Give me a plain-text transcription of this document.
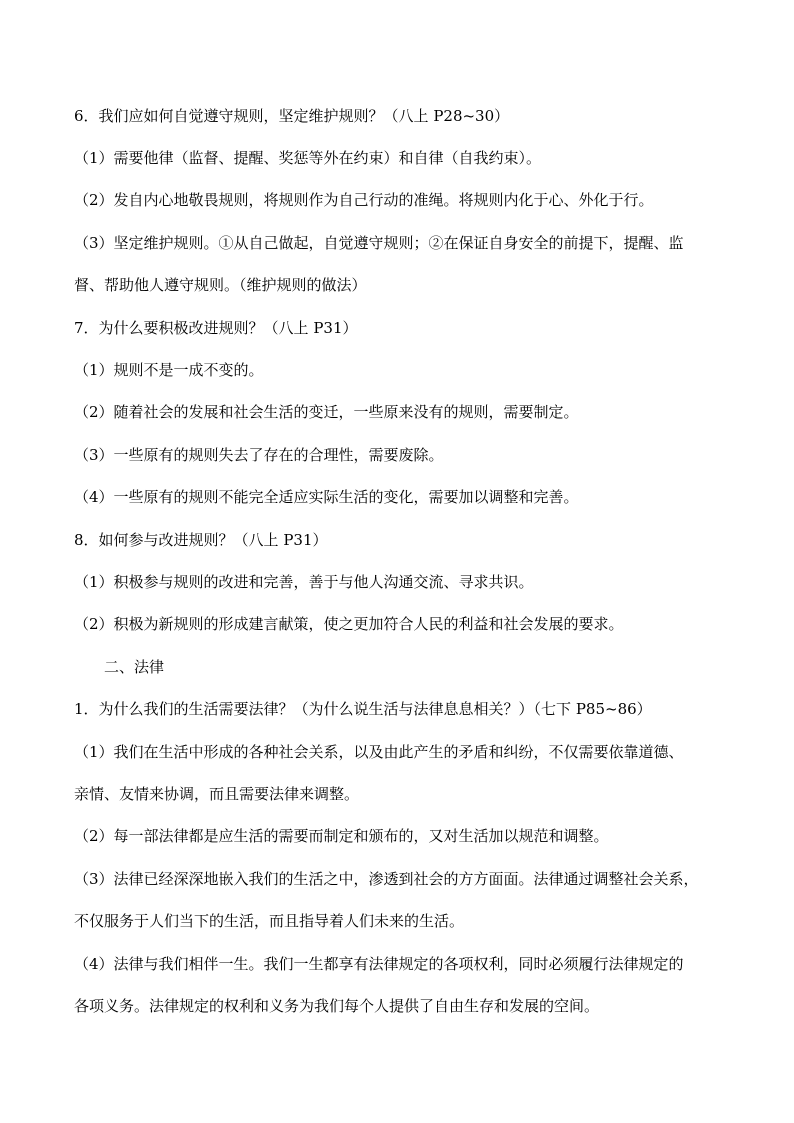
6．我们应如何自觉遵守规则，坚定维护规则？（八上 P28~30）
（1）需要他律（监督、提醒、奖惩等外在约束）和自律（自我约束）。
（2）发自内心地敬畏规则，将规则作为自己行动的准绳。将规则内化于心、外化于行。
（3）坚定维护规则。①从自己做起，自觉遵守规则；②在保证自身安全的前提下，提醒、监
督、帮助他人遵守规则。（维护规则的做法）
7．为什么要积极改进规则？（八上 P31）
（1）规则不是一成不变的。
（2）随着社会的发展和社会生活的变迁，一些原来没有的规则，需要制定。
（3）一些原有的规则失去了存在的合理性，需要废除。
（4）一些原有的规则不能完全适应实际生活的变化，需要加以调整和完善。
8．如何参与改进规则？（八上 P31）
（1）积极参与规则的改进和完善，善于与他人沟通交流、寻求共识。
（2）积极为新规则的形成建言献策，使之更加符合人民的利益和社会发展的要求。
二、法律
1．为什么我们的生活需要法律？（为什么说生活与法律息息相关？）（七下 P85~86）
（1）我们在生活中形成的各种社会关系，以及由此产生的矛盾和纠纷，不仅需要依靠道德、
亲情、友情来协调，而且需要法律来调整。
（2）每一部法律都是应生活的需要而制定和颁布的，又对生活加以规范和调整。
（3）法律已经深深地嵌入我们的生活之中，渗透到社会的方方面面。法律通过调整社会关系，
不仅服务于人们当下的生活，而且指导着人们未来的生活。
（4）法律与我们相伴一生。我们一生都享有法律规定的各项权利，同时必须履行法律规定的
各项义务。法律规定的权利和义务为我们每个人提供了自由生存和发展的空间。
